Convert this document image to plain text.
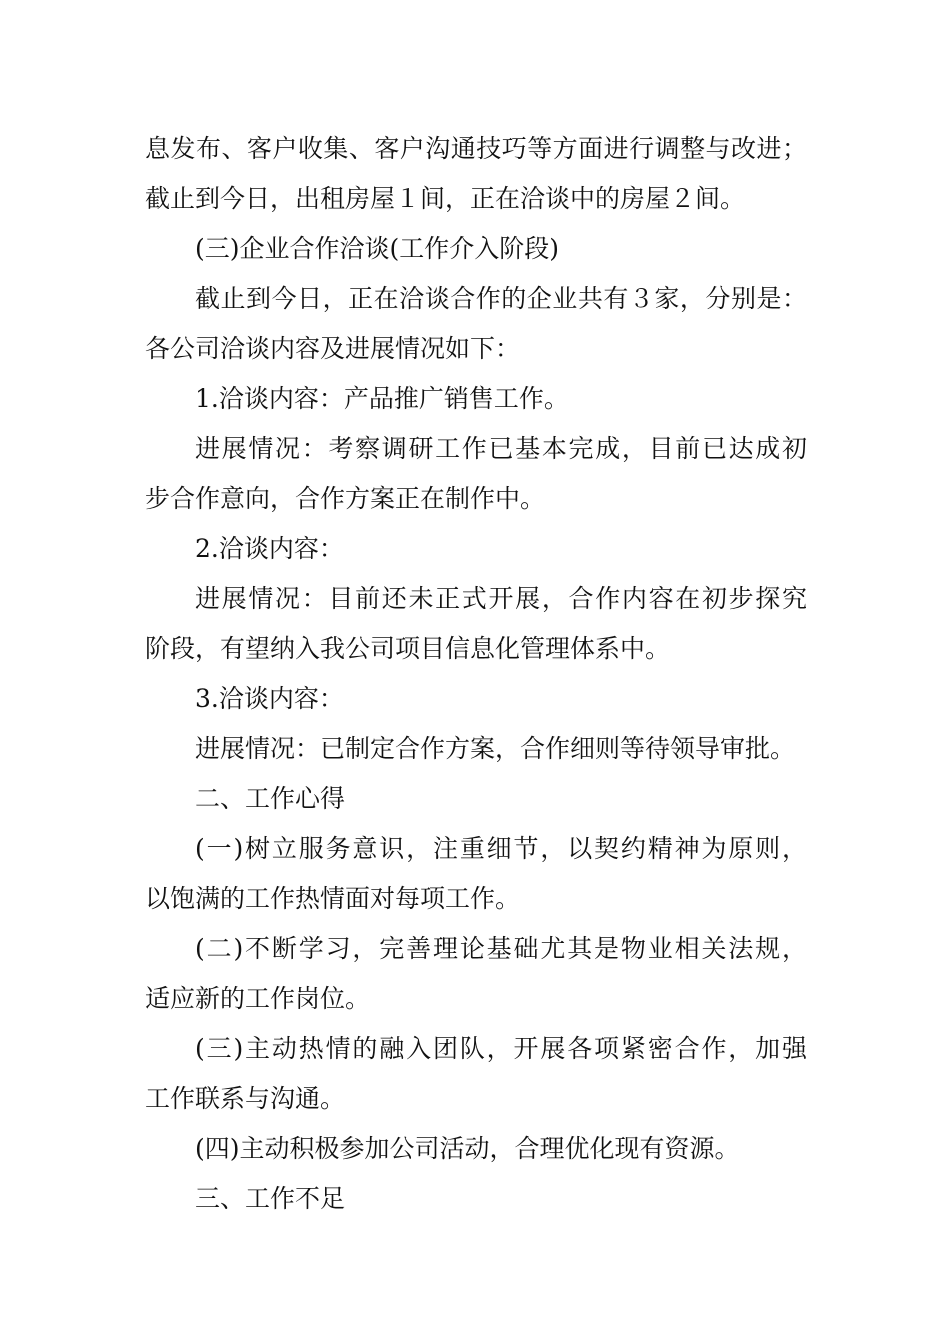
息发布、客户收集、客户沟通技巧等方面进行调整与改进；
截止到今日，出租房屋１间，正在洽谈中的房屋２间。
(三)企业合作洽谈(工作介入阶段)
截止到今日，正在洽谈合作的企业共有３家，分别是：
各公司洽谈内容及进展情况如下：
1.洽谈内容：产品推广销售工作。
进展情况：考察调研工作已基本完成，目前已达成初
步合作意向，合作方案正在制作中。
2.洽谈内容：
进展情况：目前还未正式开展，合作内容在初步探究
阶段，有望纳入我公司项目信息化管理体系中。
3.洽谈内容：
进展情况：已制定合作方案，合作细则等待领导审批。
二、工作心得
(一)树立服务意识，注重细节，以契约精神为原则，
以饱满的工作热情面对每项工作。
(二)不断学习，完善理论基础尤其是物业相关法规，
适应新的工作岗位。
(三)主动热情的融入团队，开展各项紧密合作，加强
工作联系与沟通。
(四)主动积极参加公司活动，合理优化现有资源。
三、工作不足
